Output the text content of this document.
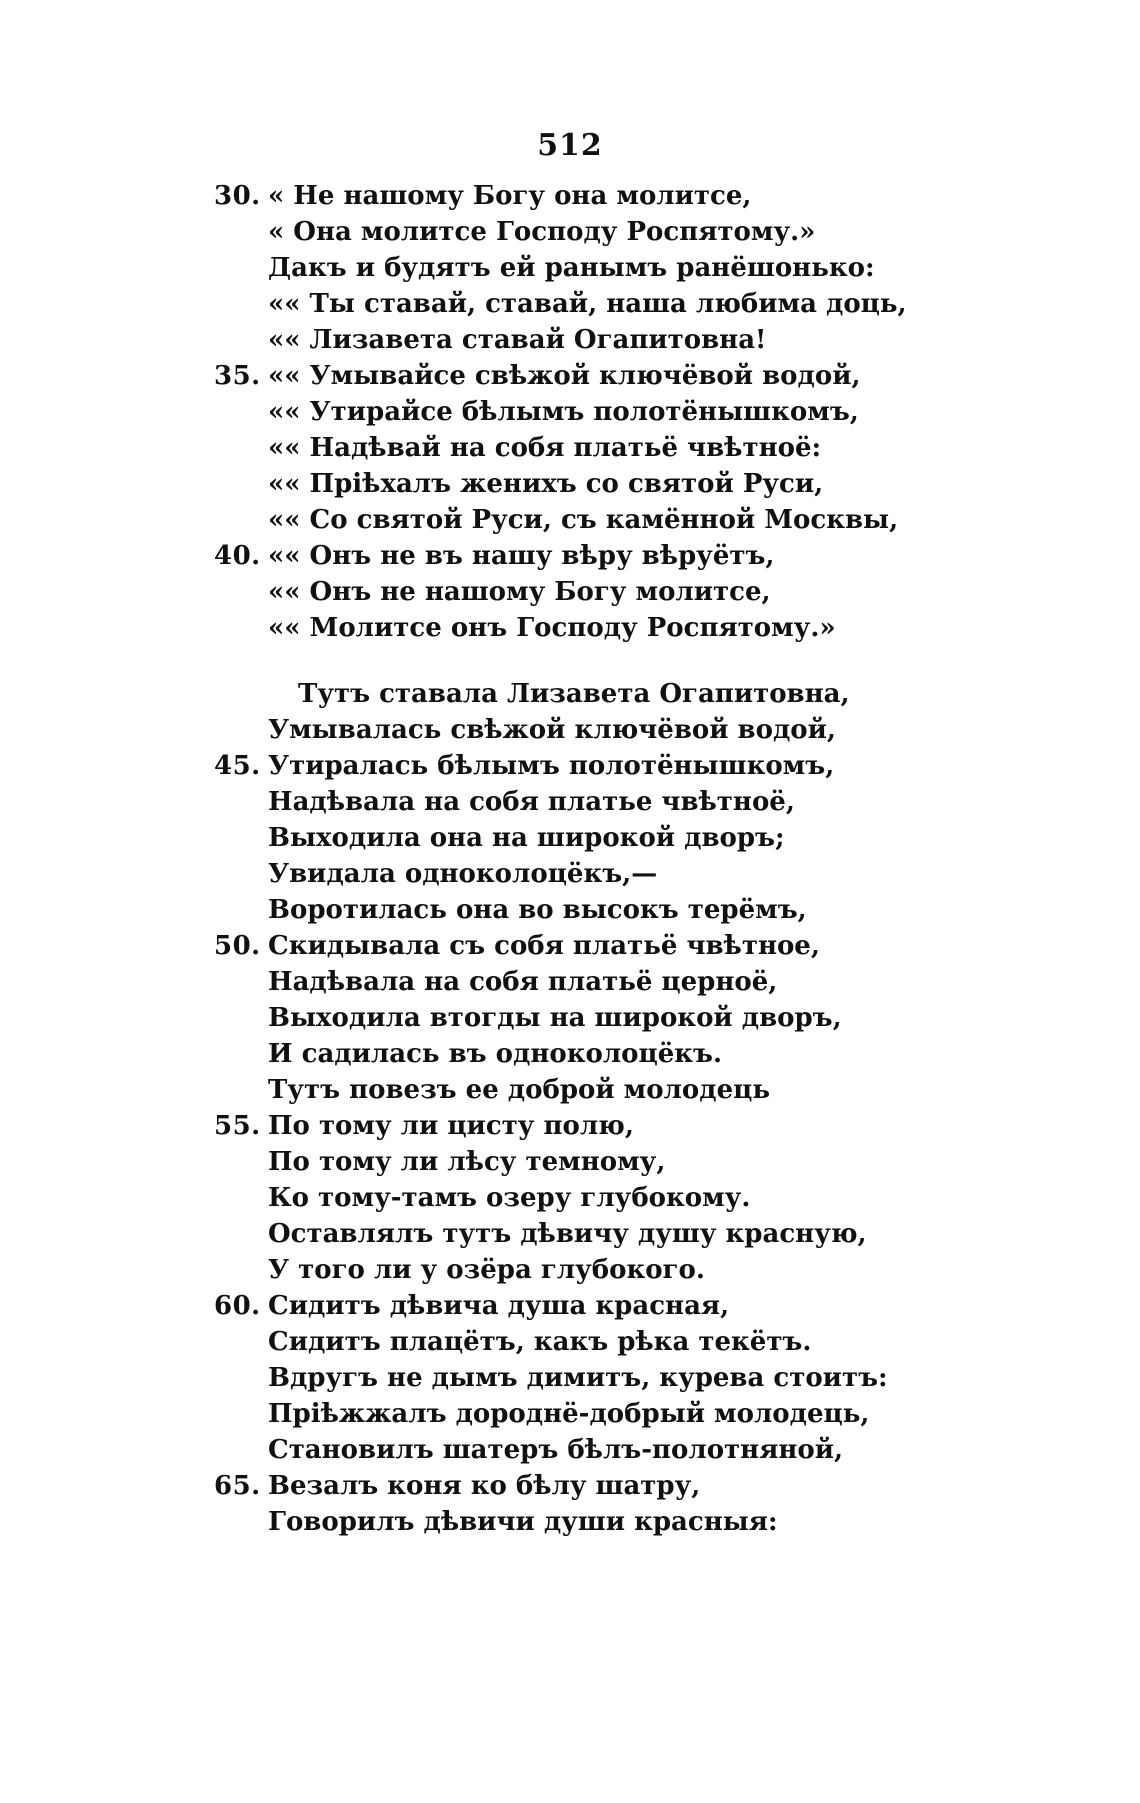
512
30. « Не нашому Богу она молитсе,
« Она молитсе Господу Роспятому.»
Дакъ и будятъ ей ранымъ ранёшонько:
«« Ты ставай, ставай, наша любима доць,
«« Лизавета ставай Огапитовна!
35. «« Умывайсе свѣжой ключёвой водой,
«« Утирайсе бѣлымъ полотёнышкомъ,
«« Надѣвай на собя платьё чвѣтноё:
«« Прiѣхалъ женихъ со святой Руси,
«« Со святой Руси, съ камённой Москвы,
40. «« Онъ не въ нашу вѣру вѣруётъ,
«« Онъ не нашому Богу молитсе,
«« Молитсе онъ Господу Роспятому.»
Тутъ ставала Лизавета Огапитовна,
Умывалась свѣжой ключёвой водой,
45. Утиралась бѣлымъ полотёнышкомъ,
Надѣвала на собя платье чвѣтноё,
Выходила она на широкой дворъ;
Увидала одноколоцёкъ,—
Воротилась она во высокъ терёмъ,
50. Скидывала съ собя платьё чвѣтное,
Надѣвала на собя платьё церноё,
Выходила втогды на широкой дворъ,
И садилась въ одноколоцёкъ.
Тутъ повезъ ее доброй молодець
55. По тому ли цисту полю,
По тому ли лѣсу темному,
Ко тому-тамъ озеру глубокому.
Оставлялъ тутъ дѣвичу душу красную,
У того ли у озёра глубокого.
60. Сидитъ дѣвича душа красная,
Сидитъ плацётъ, какъ рѣка текётъ.
Вдругъ не дымъ димитъ, курева стоитъ:
Прiѣжжалъ дороднё-добрый молодець,
Становилъ шатеръ бѣлъ-полотняной,
65. Везалъ коня ко бѣлу шатру,
Говорилъ дѣвичи души красныя:
